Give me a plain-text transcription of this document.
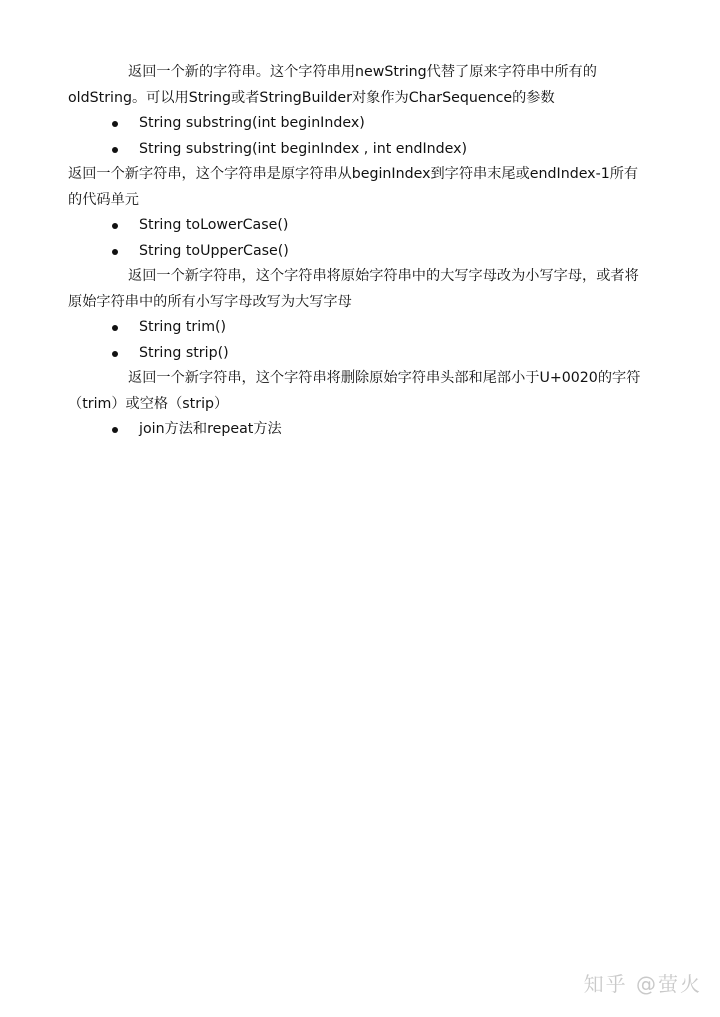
返回一个新的字符串。这个字符串用newString代替了原来字符串中所有的oldString。可以用String或者StringBuilder对象作为CharSequence的参数

String substring(int beginIndex)
String substring(int beginIndex , int endIndex)

返回一个新字符串，这个字符串是原字符串从beginIndex到字符串末尾或endIndex-1所有的代码单元

String toLowerCase()
String toUpperCase()

返回一个新字符串，这个字符串将原始字符串中的大写字母改为小写字母，或者将原始字符串中的所有小写字母改写为大写字母

String trim()
String strip()

返回一个新字符串，这个字符串将删除原始字符串头部和尾部小于U+0020的字符（trim）或空格（strip）

join方法和repeat方法
知乎 @萤火
